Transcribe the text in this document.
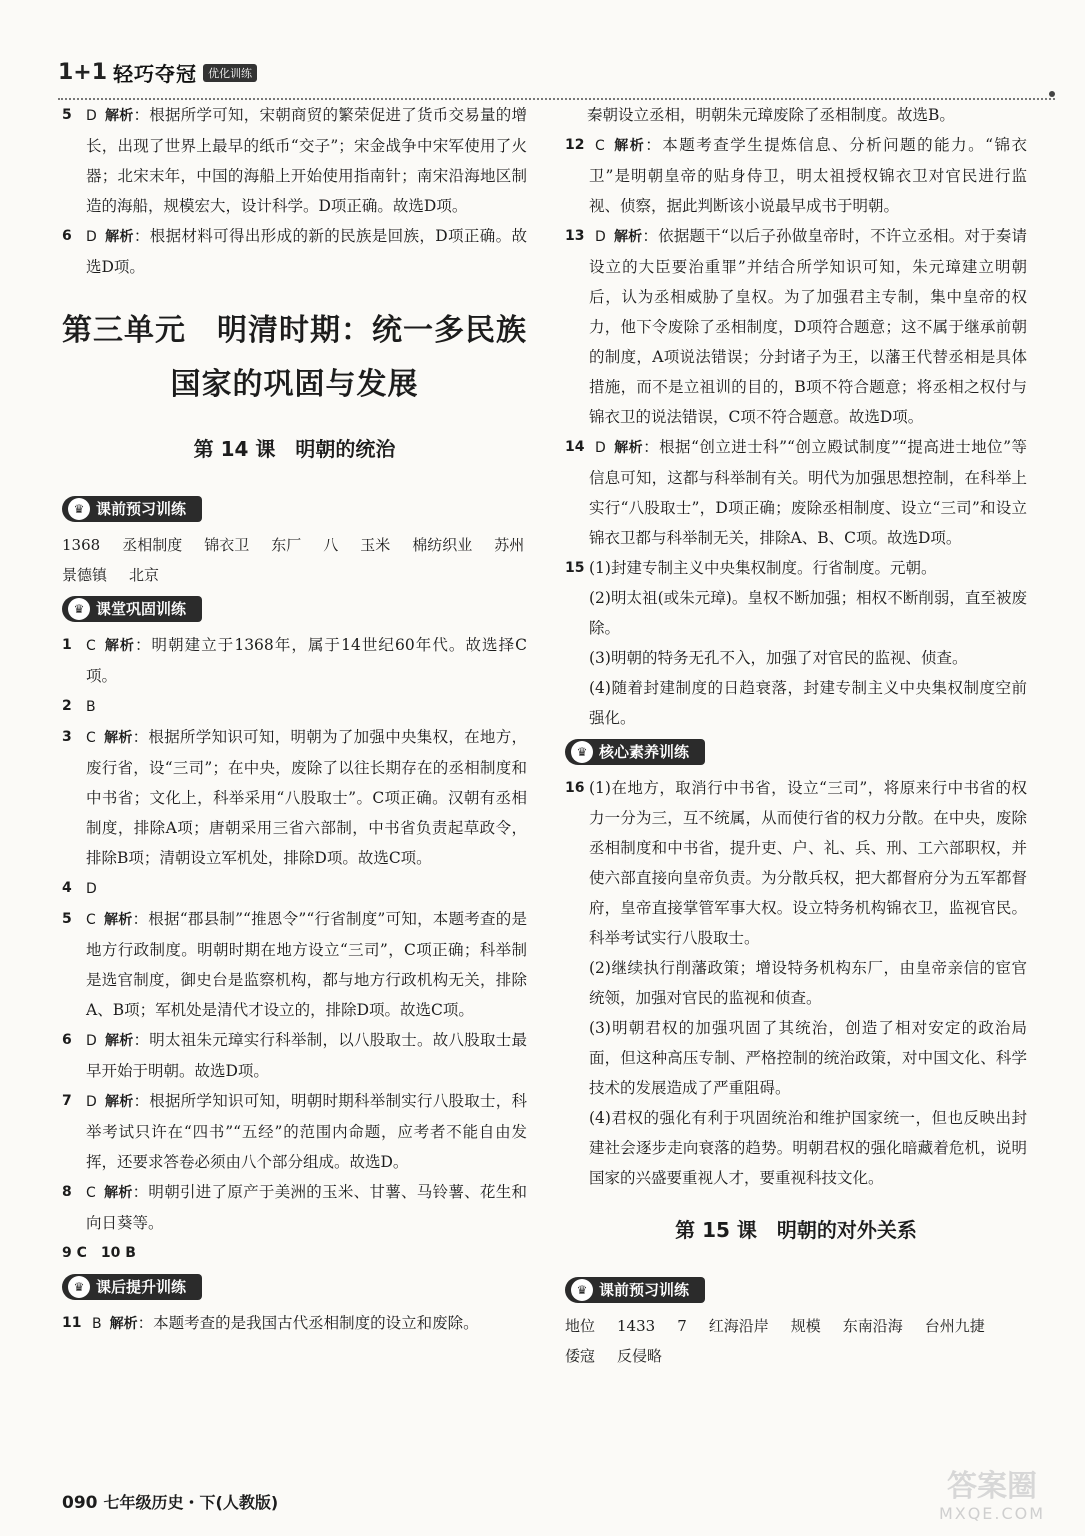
1+1 轻巧夺冠	优化训练
5 D 解析：根据所学可知，宋朝商贸的繁荣促进了货币交易量的增长，出现了世界上最早的纸币“交子”；宋金战争中宋军使用了火器；北宋末年，中国的海船上开始使用指南针；南宋沿海地区制造的海船，规模宏大，设计科学。D项正确。故选D项。
6 D 解析：根据材料可得出形成的新的民族是回族，D项正确。故选D项。
第三单元　明清时期：统一多民族
国家的巩固与发展
第 14 课　明朝的统治
♛ 课前预习训练
1368 丞相制度 锦衣卫 东厂 八 玉米 棉纺织业 苏州
景德镇 北京
♛ 课堂巩固训练
1 C 解析：明朝建立于1368年，属于14世纪60年代。故选择C项。
2 B
3 C 解析：根据所学知识可知，明朝为了加强中央集权，在地方，废行省，设“三司”；在中央，废除了以往长期存在的丞相制度和中书省；文化上，科举采用“八股取士”。C项正确。汉朝有丞相制度，排除A项；唐朝采用三省六部制，中书省负责起草政令，排除B项；清朝设立军机处，排除D项。故选C项。
4 D
5 C 解析：根据“郡县制”“推恩令”“行省制度”可知，本题考查的是地方行政制度。明朝时期在地方设立“三司”，C项正确；科举制是选官制度，御史台是监察机构，都与地方行政机构无关，排除A、B项；军机处是清代才设立的，排除D项。故选C项。
6 D 解析：明太祖朱元璋实行科举制，以八股取士。故八股取士最早开始于明朝。故选D项。
7 D 解析：根据所学知识可知，明朝时期科举制实行八股取士，科举考试只许在“四书”“五经”的范围内命题，应考者不能自由发挥，还要求答卷必须由八个部分组成。故选D。
8 C 解析：明朝引进了原产于美洲的玉米、甘薯、马铃薯、花生和向日葵等。
9 C　10 B
♛ 课后提升训练
11 B 解析：本题考查的是我国古代丞相制度的设立和废除。
秦朝设立丞相，明朝朱元璋废除了丞相制度。故选B。
12 C 解析：本题考查学生提炼信息、分析问题的能力。“锦衣卫”是明朝皇帝的贴身侍卫，明太祖授权锦衣卫对官民进行监视、侦察，据此判断该小说最早成书于明朝。
13 D 解析：依据题干“以后子孙做皇帝时，不许立丞相。对于奏请设立的大臣要治重罪”并结合所学知识可知，朱元璋建立明朝后，认为丞相威胁了皇权。为了加强君主专制，集中皇帝的权力，他下令废除了丞相制度，D项符合题意；这不属于继承前朝的制度，A项说法错误；分封诸子为王，以藩王代替丞相是具体措施，而不是立祖训的目的，B项不符合题意；将丞相之权付与锦衣卫的说法错误，C项不符合题意。故选D项。
14 D 解析：根据“创立进士科”“创立殿试制度”“提高进士地位”等信息可知，这都与科举制有关。明代为加强思想控制，在科举上实行“八股取士”，D项正确；废除丞相制度、设立“三司”和设立锦衣卫都与科举制无关，排除A、B、C项。故选D项。
15 (1)封建专制主义中央集权制度。行省制度。元朝。
(2)明太祖(或朱元璋)。皇权不断加强；相权不断削弱，直至被废除。
(3)明朝的特务无孔不入，加强了对官民的监视、侦查。
(4)随着封建制度的日趋衰落，封建专制主义中央集权制度空前强化。
♛ 核心素养训练
16 (1)在地方，取消行中书省，设立“三司”，将原来行中书省的权力一分为三，互不统属，从而使行省的权力分散。在中央，废除丞相制度和中书省，提升吏、户、礼、兵、刑、工六部职权，并使六部直接向皇帝负责。为分散兵权，把大都督府分为五军都督府，皇帝直接掌管军事大权。设立特务机构锦衣卫，监视官民。科举考试实行八股取士。
(2)继续执行削藩政策；增设特务机构东厂，由皇帝亲信的宦官统领，加强对官民的监视和侦查。
(3)明朝君权的加强巩固了其统治，创造了相对安定的政治局面，但这种高压专制、严格控制的统治政策，对中国文化、科学技术的发展造成了严重阻碍。
(4)君权的强化有利于巩固统治和维护国家统一，但也反映出封建社会逐步走向衰落的趋势。明朝君权的强化暗藏着危机，说明国家的兴盛要重视人才，要重视科技文化。
第 15 课　明朝的对外关系
♛ 课前预习训练
地位 1433 7 红海沿岸 规模 东南沿海 台州九捷
倭寇 反侵略
090 七年级历史・下(人教版)	答案圈
MXQE.COM
